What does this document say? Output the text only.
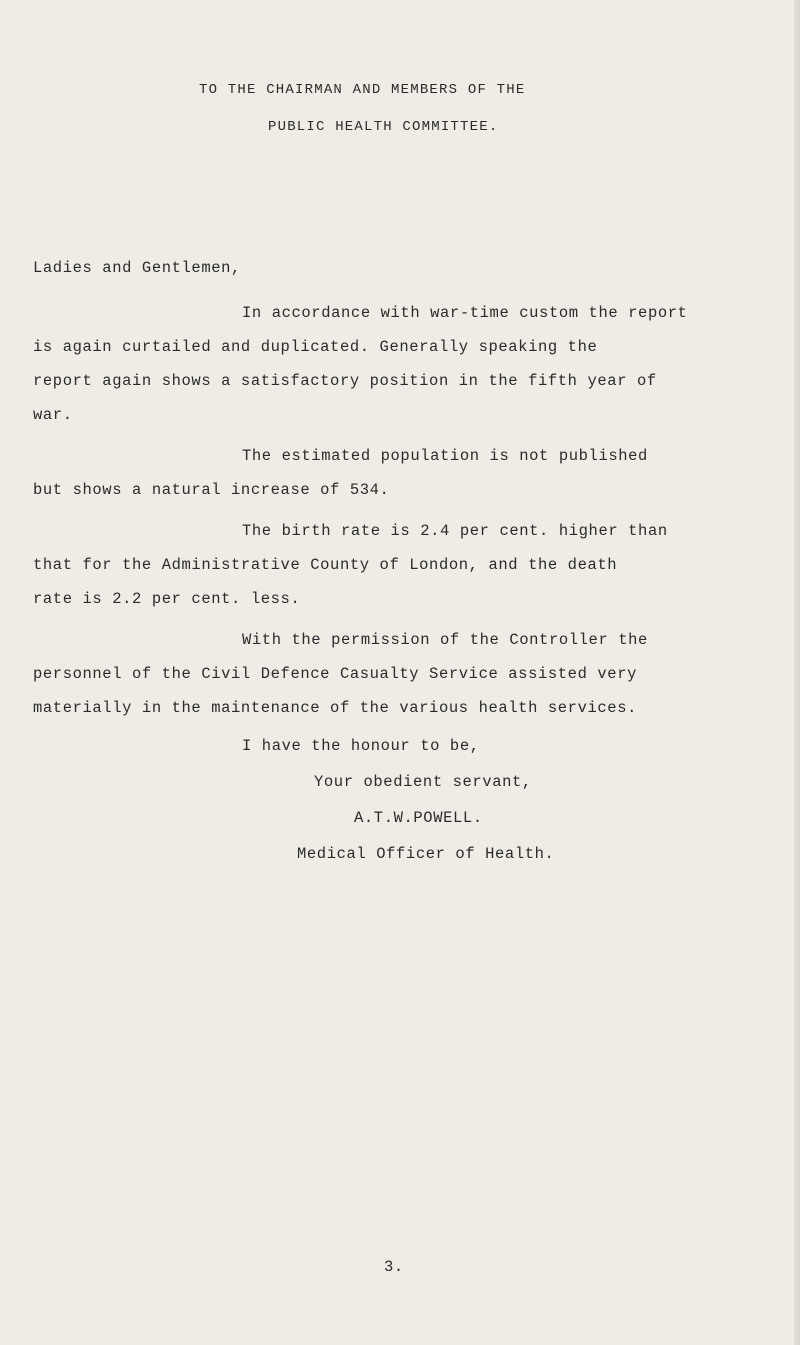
TO THE CHAIRMAN AND MEMBERS OF THE
PUBLIC HEALTH COMMITTEE.
Ladies and Gentlemen,
In accordance with war-time custom the report
is again curtailed and duplicated. Generally speaking the
report again shows a satisfactory position in the fifth year of
war.
The estimated population is not published
but shows a natural increase of 534.
The birth rate is 2.4 per cent. higher than
that for the Administrative County of London, and the death
rate is 2.2 per cent. less.
With the permission of the Controller the
personnel of the Civil Defence Casualty Service assisted very
materially in the maintenance of the various health services.
I have the honour to be,
Your obedient servant,
A.T.W.POWELL.
Medical Officer of Health.
3.
